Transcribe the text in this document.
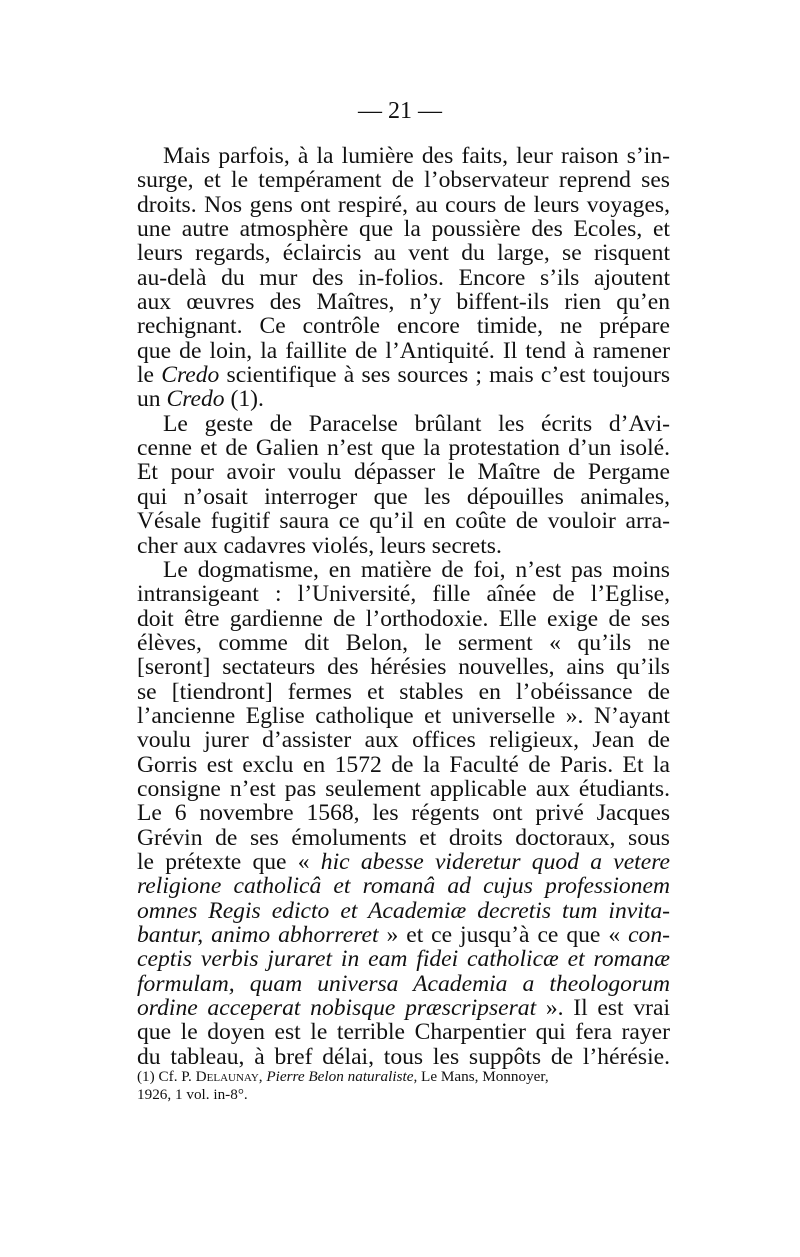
— 21 —
Mais parfois, à la lumière des faits, leur raison s’in-
surge, et le tempérament de l’observateur reprend ses
droits. Nos gens ont respiré, au cours de leurs voyages,
une autre atmosphère que la poussière des Ecoles, et
leurs regards, éclaircis au vent du large, se risquent
au-delà du mur des in-folios. Encore s’ils ajoutent
aux œuvres des Maîtres, n’y biffent-ils rien qu’en
rechignant. Ce contrôle encore timide, ne prépare
que de loin, la faillite de l’Antiquité. Il tend à ramener
le Credo scientifique à ses sources ; mais c’est toujours
un Credo (1).
Le geste de Paracelse brûlant les écrits d’Avi-
cenne et de Galien n’est que la protestation d’un isolé.
Et pour avoir voulu dépasser le Maître de Pergame
qui n’osait interroger que les dépouilles animales,
Vésale fugitif saura ce qu’il en coûte de vouloir arra-
cher aux cadavres violés, leurs secrets.
Le dogmatisme, en matière de foi, n’est pas moins
intransigeant : l’Université, fille aînée de l’Eglise,
doit être gardienne de l’orthodoxie. Elle exige de ses
élèves, comme dit Belon, le serment « qu’ils ne
[seront] sectateurs des hérésies nouvelles, ains qu’ils
se [tiendront] fermes et stables en l’obéissance de
l’ancienne Eglise catholique et universelle ». N’ayant
voulu jurer d’assister aux offices religieux, Jean de
Gorris est exclu en 1572 de la Faculté de Paris. Et la
consigne n’est pas seulement applicable aux étudiants.
Le 6 novembre 1568, les régents ont privé Jacques
Grévin de ses émoluments et droits doctoraux, sous
le prétexte que « hic abesse videretur quod a vetere
religione catholicâ et romanâ ad cujus professionem
omnes Regis edicto et Academiæ decretis tum invita-
bantur, animo abhorreret » et ce jusqu’à ce que « con-
ceptis verbis juraret in eam fidei catholicæ et romanæ
formulam, quam universa Academia a theologorum
ordine acceperat nobisque præscripserat ». Il est vrai
que le doyen est le terrible Charpentier qui fera rayer
du tableau, à bref délai, tous les suppôts de l’hérésie.
(1) Cf. P. Delaunay, Pierre Belon naturaliste, Le Mans, Monnoyer,
1926, 1 vol. in-8°.
